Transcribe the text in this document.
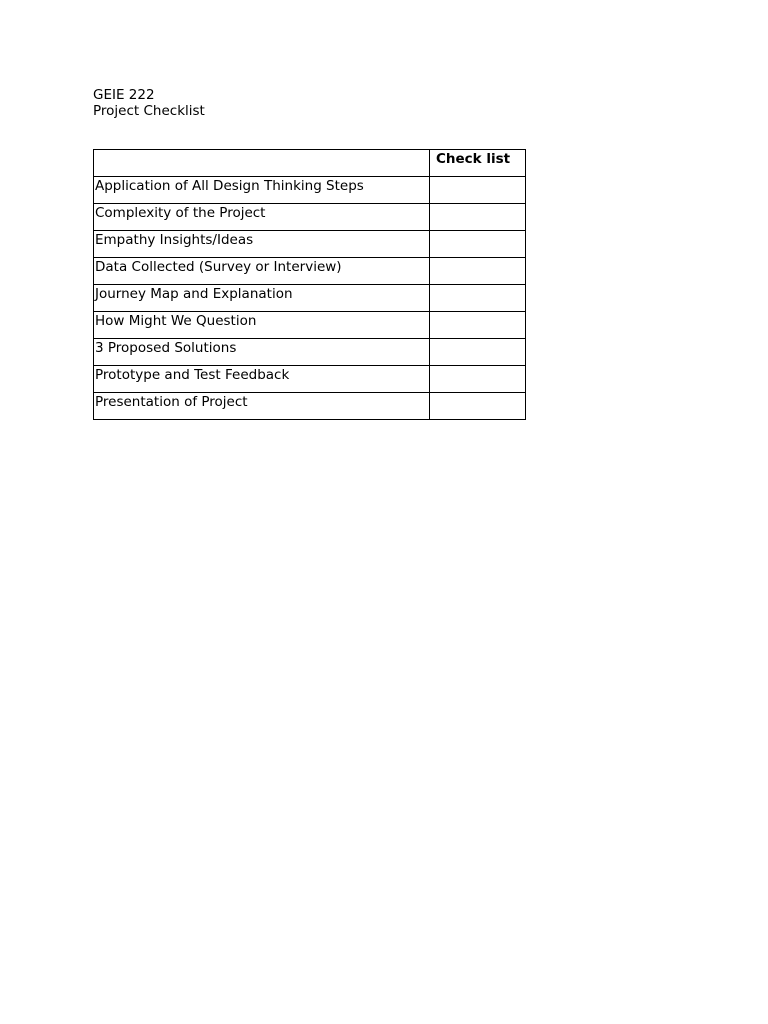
GEIE 222
Project Checklist
	Check list
Application of All Design Thinking Steps	
Complexity of the Project	
Empathy Insights/Ideas	
Data Collected (Survey or Interview)	
Journey Map and Explanation	
How Might We Question	
3 Proposed Solutions	
Prototype and Test Feedback	
Presentation of Project	
